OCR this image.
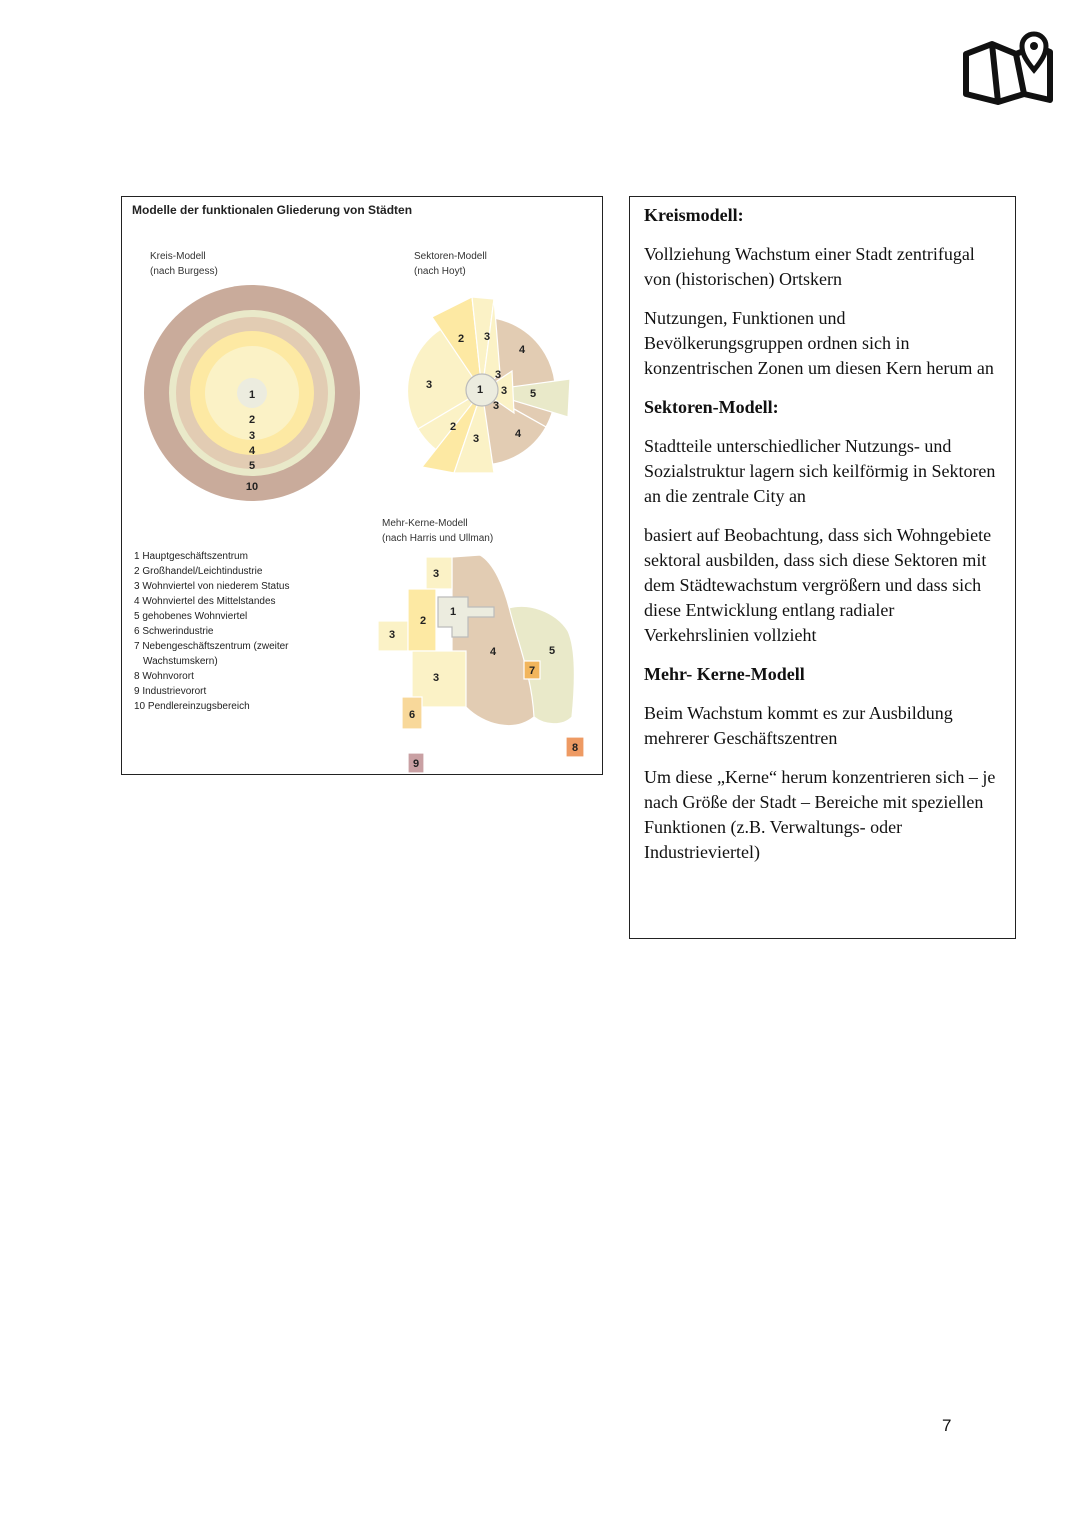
Modelle der funktionalen Gliederung von Städten
Kreis-Modell
(nach Burgess)
Sektoren-Modell
(nach Hoyt)
Mehr-Kerne-Modell
(nach Harris und Ullman)
1 Hauptgeschäftszentrum
2 Großhandel/Leichtindustrie
3 Wohnviertel von niederem Status
4 Wohnviertel des Mittelstandes
5 gehobenes Wohnviertel
6 Schwerindustrie
7 Nebengeschäftszentrum (zweiter
Wachstumskern)
8 Wohnvorort
9 Industrievorort
10 Pendlereinzugsbereich
1
2
3
4
5
10
2 3
4
3	1
3
3 5
3
2
3	4
3
1
2
3
4	5
7
3
6
9
8
Kreismodell:

Vollziehung Wachstum einer Stadt zentrifugal von (historischen) Ortskern

Nutzungen, Funktionen und Bevölkerungsgruppen ordnen sich in konzentrischen Zonen um diesen Kern herum an

Sektoren-Modell:

Stadtteile unterschiedlicher Nutzungs- und Sozialstruktur lagern sich keilförmig in Sektoren an die zentrale City an

basiert auf Beobachtung, dass sich Wohngebiete sektoral ausbilden, dass sich diese Sektoren mit dem Städtewachstum vergrößern und dass sich diese Entwicklung entlang radialer Verkehrslinien vollzieht

Mehr- Kerne-Modell

Beim Wachstum kommt es zur Ausbildung mehrerer Geschäftszentren

Um diese „Kerne“ herum konzentrieren sich – je nach Größe der Stadt – Bereiche mit speziellen Funktionen (z.B. Verwaltungs- oder Industrieviertel)

7
